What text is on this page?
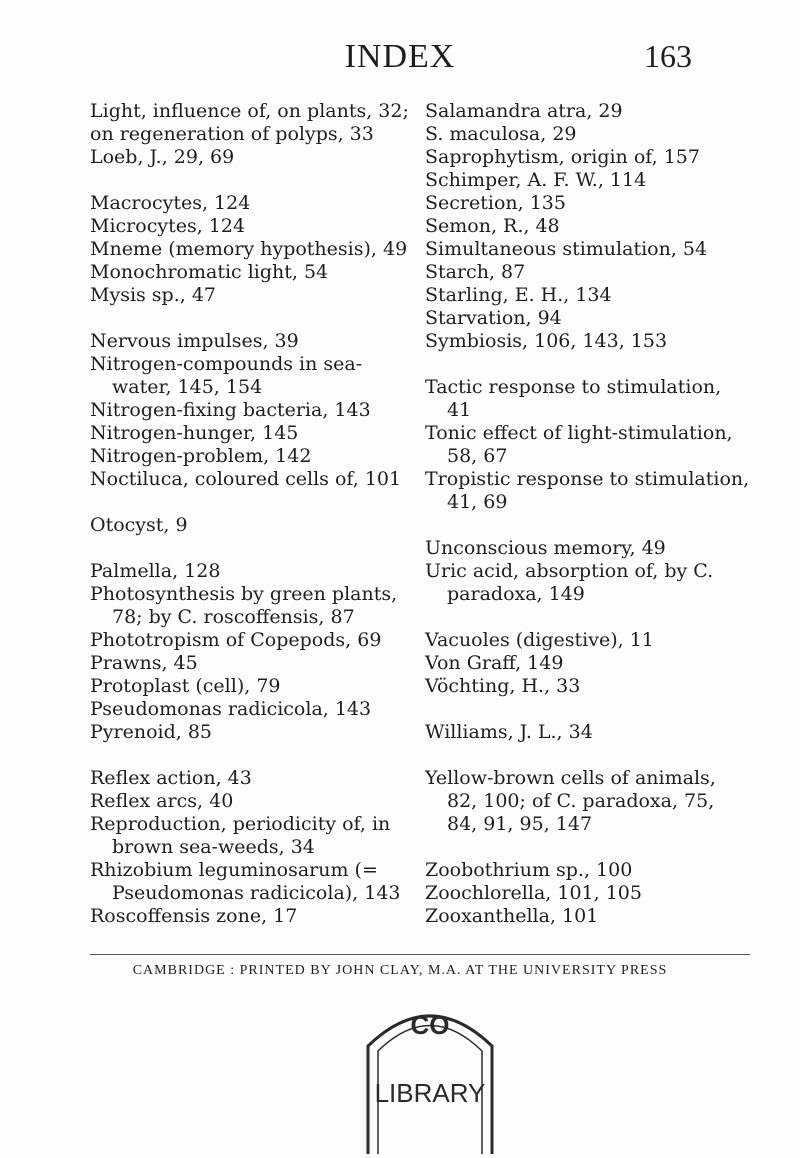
INDEX	163

Light, influence of, on plants, 32;

on regeneration of polyps, 33

Loeb, J., 29, 69

Macrocytes, 124

Microcytes, 124

Mneme (memory hypothesis), 49

Monochromatic light, 54

Mysis sp., 47

Nervous impulses, 39

Nitrogen-compounds in sea-water, 145, 154

Nitrogen-fixing bacteria, 143

Nitrogen-hunger, 145

Nitrogen-problem, 142

Noctiluca, coloured cells of, 101

Otocyst, 9

Palmella, 128

Photosynthesis by green plants, 78; by C. roscoffensis, 87

Phototropism of Copepods, 69

Prawns, 45

Protoplast (cell), 79

Pseudomonas radicicola, 143

Pyrenoid, 85

Reflex action, 43

Reflex arcs, 40

Reproduction, periodicity of, in brown sea-weeds, 34

Rhizobium leguminosarum (= Pseudomonas radicicola), 143

Roscoffensis zone, 17

Salamandra atra, 29

S. maculosa, 29

Saprophytism, origin of, 157

Schimper, A. F. W., 114

Secretion, 135

Semon, R., 48

Simultaneous stimulation, 54

Starch, 87

Starling, E. H., 134

Starvation, 94

Symbiosis, 106, 143, 153

Tactic response to stimulation, 41

Tonic effect of light-stimulation, 58, 67

Tropistic response to stimulation, 41, 69

Unconscious memory, 49

Uric acid, absorption of, by C. paradoxa, 149

Vacuoles (digestive), 11

Von Graff, 149

Vöchting, H., 33

Williams, J. L., 34

Yellow-brown cells of animals, 82, 100; of C. paradoxa, 75, 84, 91, 95, 147

Zoobothrium sp., 100

Zoochlorella, 101, 105

Zooxanthella, 101

CAMBRIDGE : PRINTED BY JOHN CLAY, M.A. AT THE UNIVERSITY PRESS
CO
LIBRARY
